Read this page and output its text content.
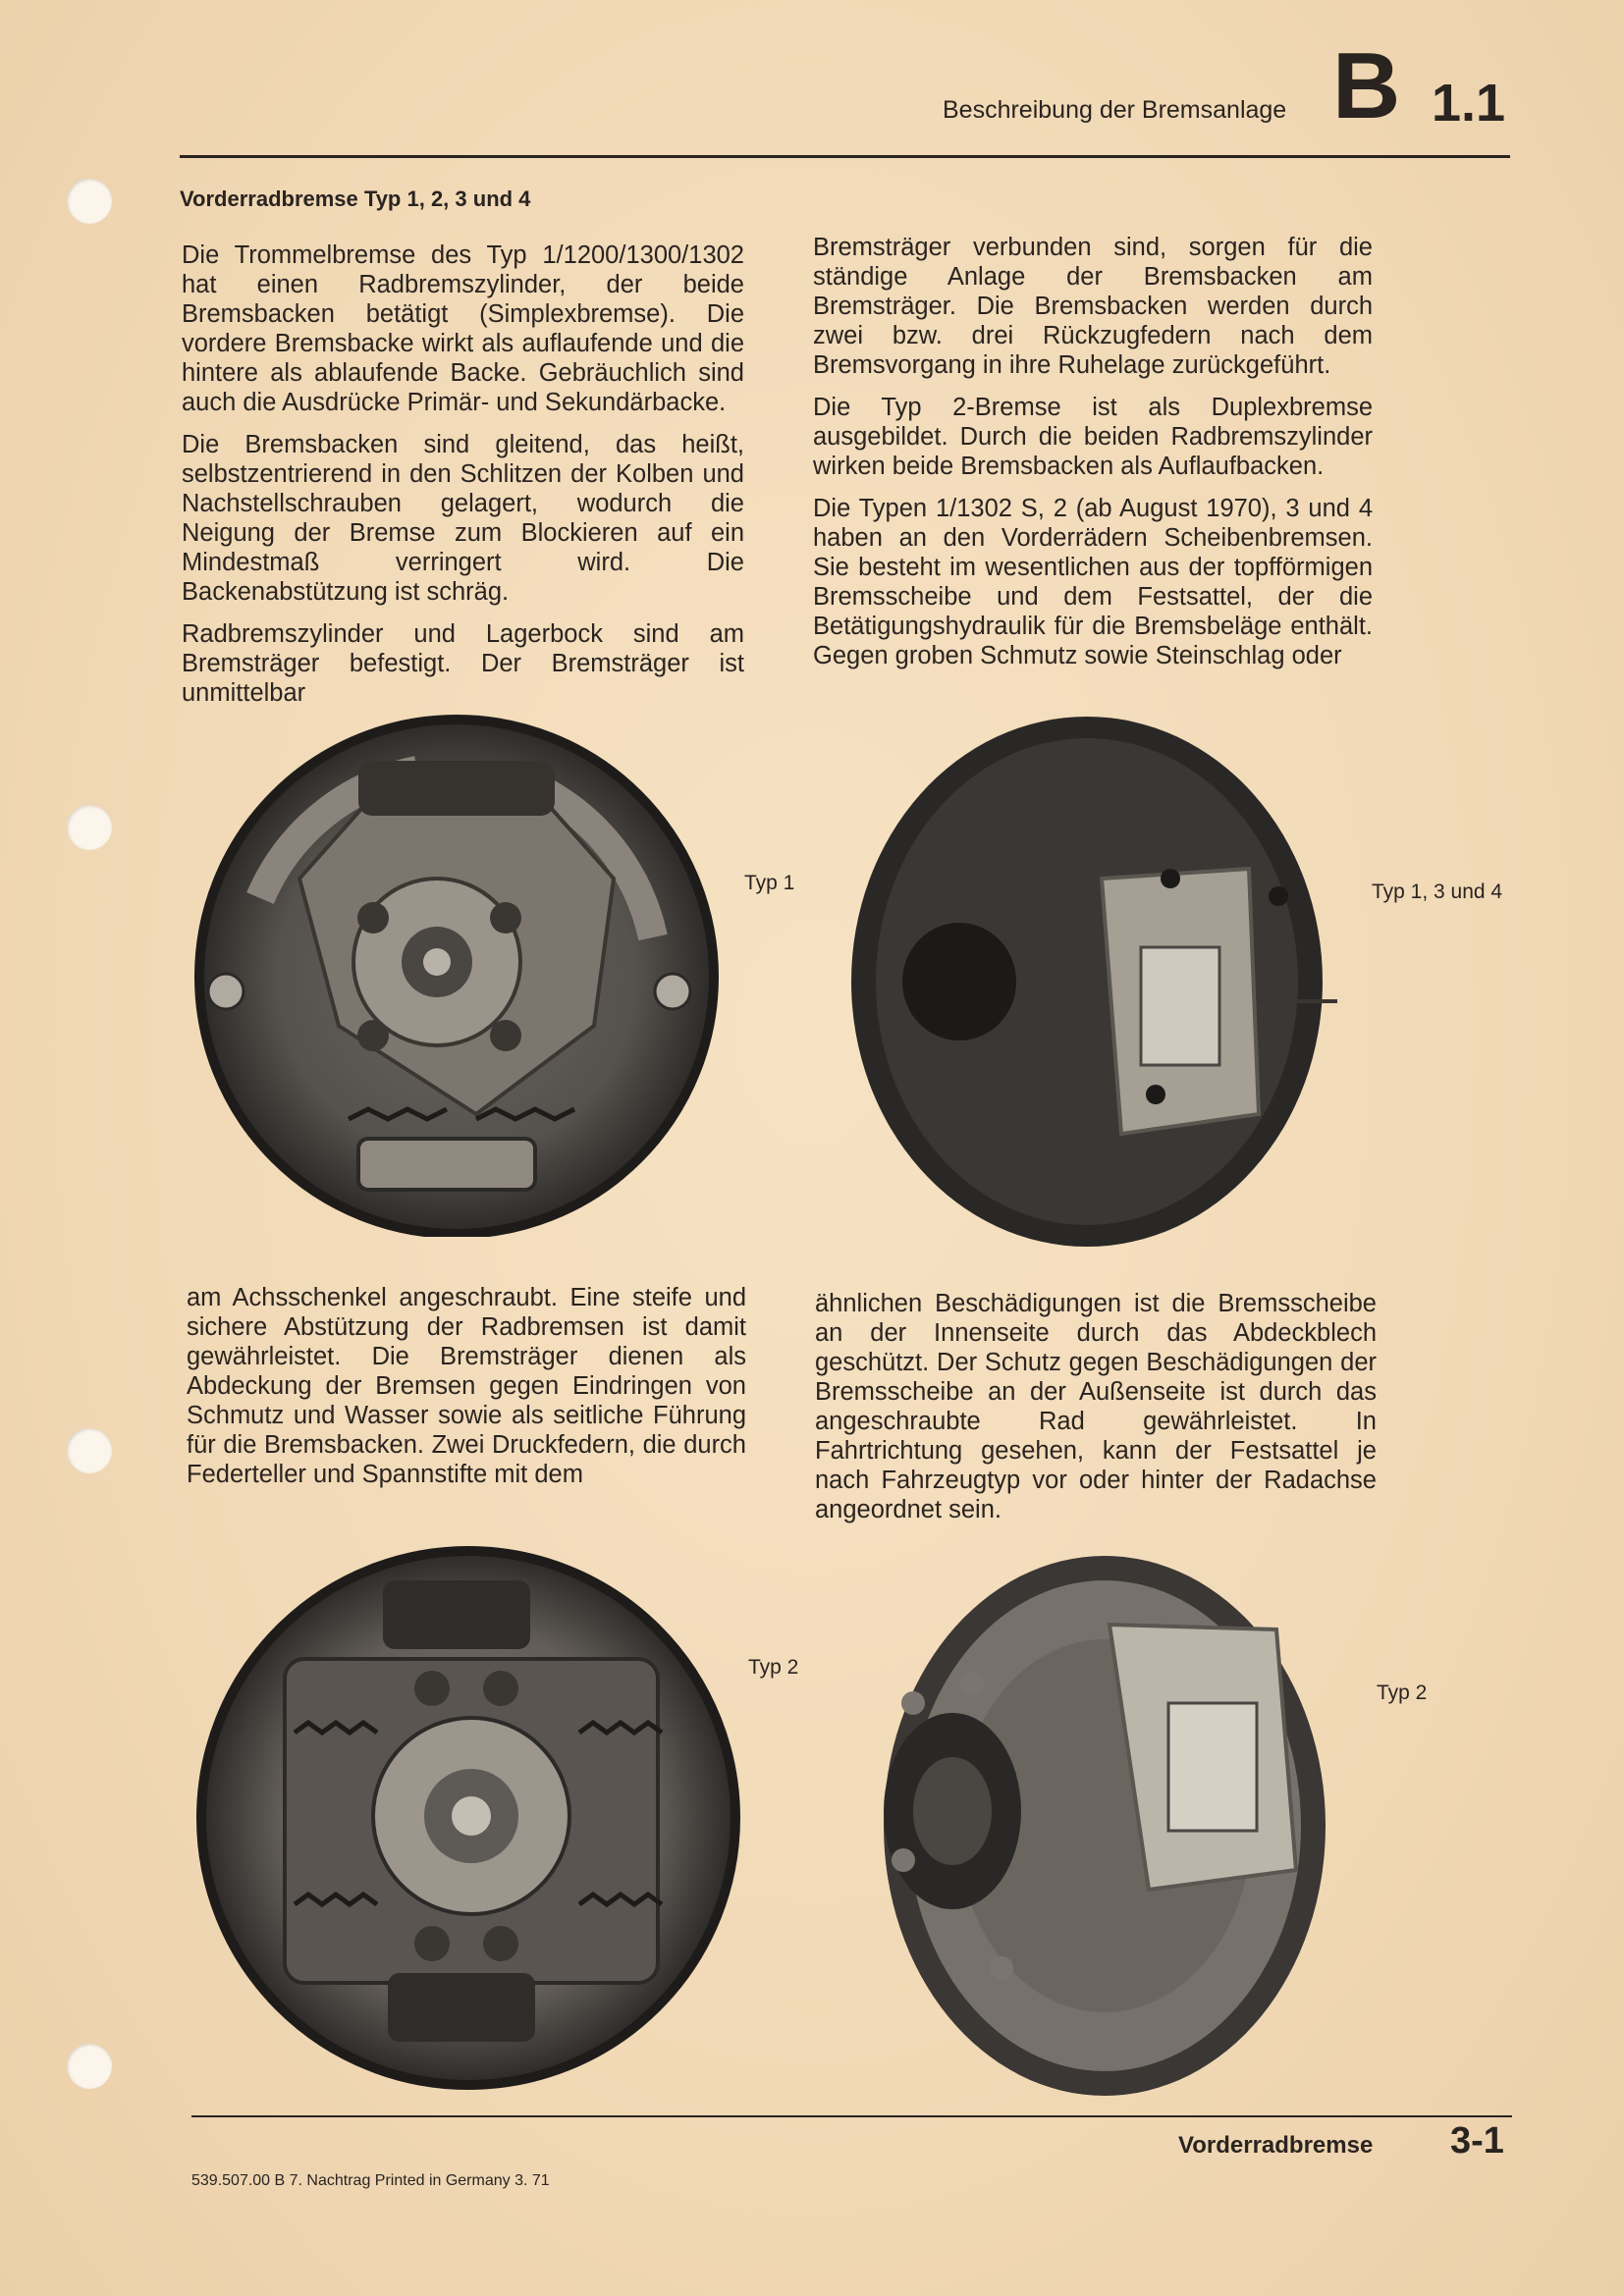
Beschreibung der Bremsanlage B 1.1
Vorderradbremse Typ 1, 2, 3 und 4

Die Trommelbremse des Typ 1/1200/1300/1302 hat einen Radbremszylinder, der beide Bremsbacken betätigt (Simplexbremse). Die vordere Bremsbacke wirkt als auflaufende und die hintere als ablaufende Backe. Gebräuchlich sind auch die Ausdrücke Primär- und Sekundärbacke.

Die Bremsbacken sind gleitend, das heißt, selbstzentrierend in den Schlitzen der Kolben und Nachstellschrauben gelagert, wodurch die Neigung der Bremse zum Blockieren auf ein Mindestmaß verringert wird. Die Backenabstützung ist schräg.

Radbremszylinder und Lagerbock sind am Bremsträger befestigt. Der Bremsträger ist unmittelbar

Bremsträger verbunden sind, sorgen für die ständige Anlage der Bremsbacken am Bremsträger. Die Bremsbacken werden durch zwei bzw. drei Rückzugfedern nach dem Bremsvorgang in ihre Ruhelage zurückgeführt.

Die Typ 2-Bremse ist als Duplexbremse ausgebildet. Durch die beiden Radbremszylinder wirken beide Bremsbacken als Auflaufbacken.

Die Typen 1/1302 S, 2 (ab August 1970), 3 und 4 haben an den Vorderrädern Scheibenbremsen. Sie besteht im wesentlichen aus der topfförmigen Bremsscheibe und dem Festsattel, der die Betätigungshydraulik für die Bremsbeläge enthält. Gegen groben Schmutz sowie Steinschlag oder

Typ 1	Typ 1, 3 und 4

am Achsschenkel angeschraubt. Eine steife und sichere Abstützung der Radbremsen ist damit gewährleistet. Die Bremsträger dienen als Abdeckung der Bremsen gegen Eindringen von Schmutz und Wasser sowie als seitliche Führung für die Bremsbacken. Zwei Druckfedern, die durch Federteller und Spannstifte mit dem

ähnlichen Beschädigungen ist die Bremsscheibe an der Innenseite durch das Abdeckblech geschützt. Der Schutz gegen Beschädigungen der Bremsscheibe an der Außenseite ist durch das angeschraubte Rad gewährleistet. In Fahrtrichtung gesehen, kann der Festsattel je nach Fahrzeugtyp vor oder hinter der Radachse angeordnet sein.

Typ 2
Typ 2
Vorderradbremse 3-1
539.507.00 B 7. Nachtrag Printed in Germany 3. 71
